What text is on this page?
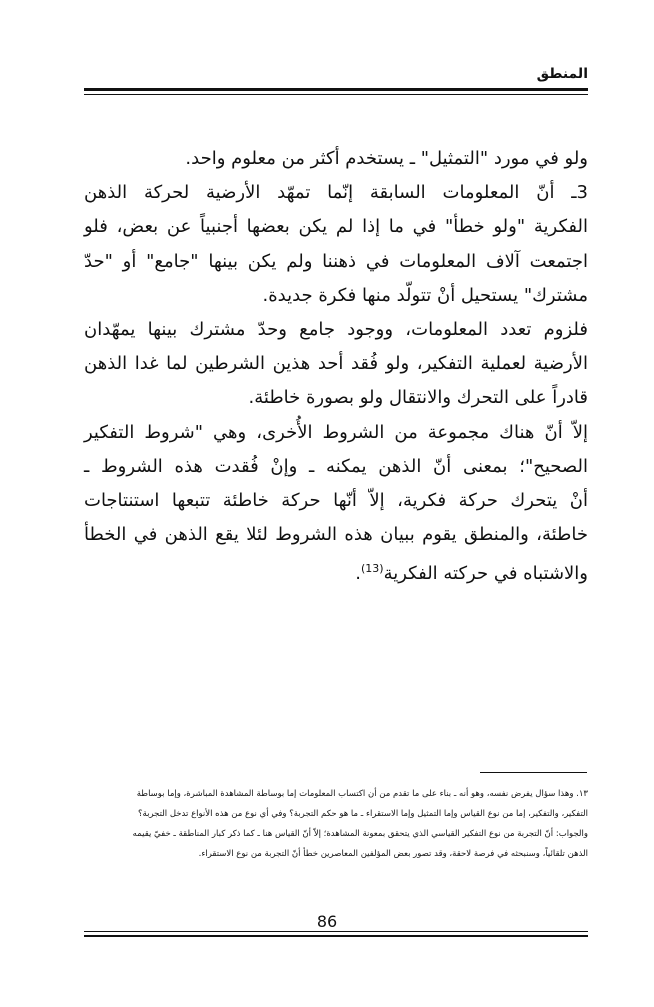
المنطق
ولو في مورد "التمثيل" ـ يستخدم أكثر من معلوم واحد.
3ـ أنّ المعلومات السابقة إنّما تمهّد الأرضية لحركة الذهن
الفكرية "ولو خطأ" في ما إذا لم يكن بعضها أجنبياً عن بعض، فلو
اجتمعت آلاف المعلومات في ذهننا ولم يكن بينها "جامع" أو "حدّ
مشترك" يستحيل أنْ تتولّد منها فكرة جديدة.
فلزوم تعدد المعلومات، ووجود جامع وحدّ مشترك بينها يمهّدان
الأرضية لعملية التفكير، ولو فُقد أحد هذين الشرطين لما غدا الذهن
قادراً على التحرك والانتقال ولو بصورة خاطئة.
إلاّ أنّ هناك مجموعة من الشروط الأُخرى، وهي "شروط التفكير
الصحيح"؛ بمعنى أنّ الذهن يمكنه ـ وإنْ فُقدت هذه الشروط ـ
أنْ يتحرك حركة فكرية، إلاّ أنّها حركة خاطئة تتبعها استنتاجات
خاطئة، والمنطق يقوم ببيان هذه الشروط لئلا يقع الذهن في الخطأ
والاشتباه في حركته الفكرية$^{(13)}$.
١٣. وهذا سؤال يفرض نفسه، وهو أنه ـ بناء على ما تقدم من أن اكتساب المعلومات إما بوساطة المشاهدة المباشرة، وإما بوساطة
التفكير، والتفكير، إما من نوع القياس وإما التمثيل وإما الاستقراء ـ ما هو حكم التجربة؟ وفي أي نوع من هذه الأنواع تدخل التجربة؟
والجواب: أنّ التجربة من نوع التفكير القياسي الذي يتحقق بمعونة المشاهدة؛ إلاّ أنّ القياس هنا ـ كما ذكر كبار المناطقة ـ خفيّ يقيمه
الذهن تلقائياً، وسنبحثه في فرصة لاحقة، وقد تصور بعض المؤلفين المعاصرين خطأ أنّ التجربة من نوع الاستقراء.
86
